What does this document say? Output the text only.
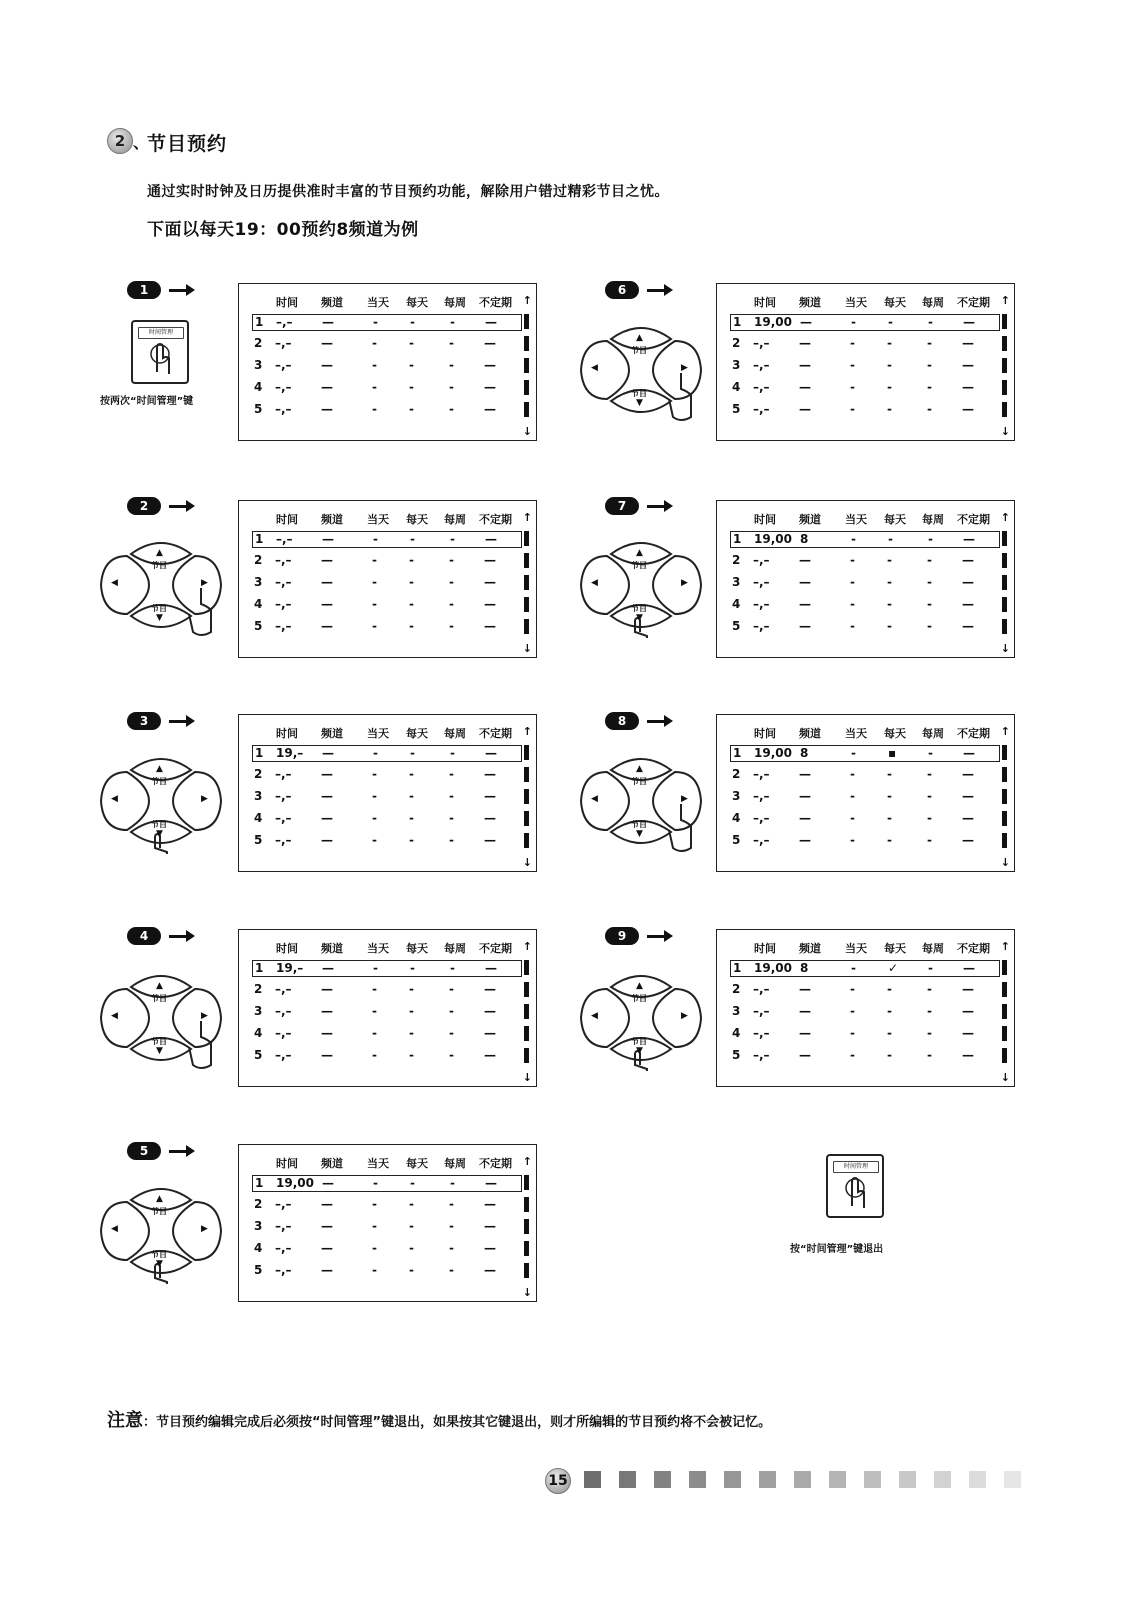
2 、
节目预约
通过实时时钟及日历提供准时丰富的节目预约功能，解除用户错过精彩节目之忧。
下面以每天19：00预约8频道为例
1
时间 频道 当天 每天 每周 不定期 ↑
↓
1 –,– —	-	-	-	—
2 –,– —	-	-	-	—
3 –,– —	-	-	-	—
4 –,– —	-	-	-	—
5 –,– —	-	-	-	—
2
时间 频道 当天 每天 每周 不定期 ↑
↓
1 –,– —	-	-	-	—
2 –,– —	-	-	-	—
3 –,– —	-	-	-	—
4 –,– —	-	-	-	—
5 –,– —	-	-	-	—
节目
节目
▲
▼
◀	▶
3
时间 频道 当天 每天 每周 不定期 ↑
↓
1 19,– —	-	-	-	—
2 –,– —	-	-	-	—
3 –,– —	-	-	-	—
4 –,– —	-	-	-	—
5 –,– —	-	-	-	—
节目
节目
▲
▼
◀	▶
4
时间 频道 当天 每天 每周 不定期 ↑
↓
1 19,– —	-	-	-	—
2 –,– —	-	-	-	—
3 –,– —	-	-	-	—
4 –,– —	-	-	-	—
5 –,– —	-	-	-	—
节目
节目
▲
▼
◀	▶
5
时间 频道 当天 每天 每周 不定期 ↑
↓
1 19,00 —	-	-	-	—
2 –,– —	-	-	-	—
3 –,– —	-	-	-	—
4 –,– —	-	-	-	—
5 –,– —	-	-	-	—
节目
节目
▲
▼
◀	▶
6
时间 频道 当天 每天 每周 不定期 ↑
↓
1 19,00 —	-	-	-	—
2 –,– —	-	-	-	—
3 –,– —	-	-	-	—
4 –,– —	-	-	-	—
5 –,– —	-	-	-	—
节目
节目
▲
▼
◀	▶
7
时间 频道 当天 每天 每周 不定期 ↑
↓
1 19,00 8	-	-	-	—
2 –,– —	-	-	-	—
3 –,– —	-	-	-	—
4 –,– —	-	-	-	—
5 –,– —	-	-	-	—
节目
节目
▲
▼
◀	▶
8
时间 频道 当天 每天 每周 不定期 ↑
↓
1 19,00 8	-	▪	-	—
2 –,– —	-	-	-	—
3 –,– —	-	-	-	—
4 –,– —	-	-	-	—
5 –,– —	-	-	-	—
节目
节目
▲
▼
◀	▶
9
时间 频道 当天 每天 每周 不定期 ↑
↓
1 19,00 8	-	✓ -	—
2 –,– —	-	-	-	—
3 –,– —	-	-	-	—
4 –,– —	-	-	-	—
5 –,– —	-	-	-	—
节目
节目
▲
▼
◀	▶
时间管理
按两次“时间管理”键
时间管理
按“时间管理”键退出
注意：节目预约编辑完成后必须按“时间管理”键退出，如果按其它键退出，则才所编辑的节目预约将不会被记忆。
15
